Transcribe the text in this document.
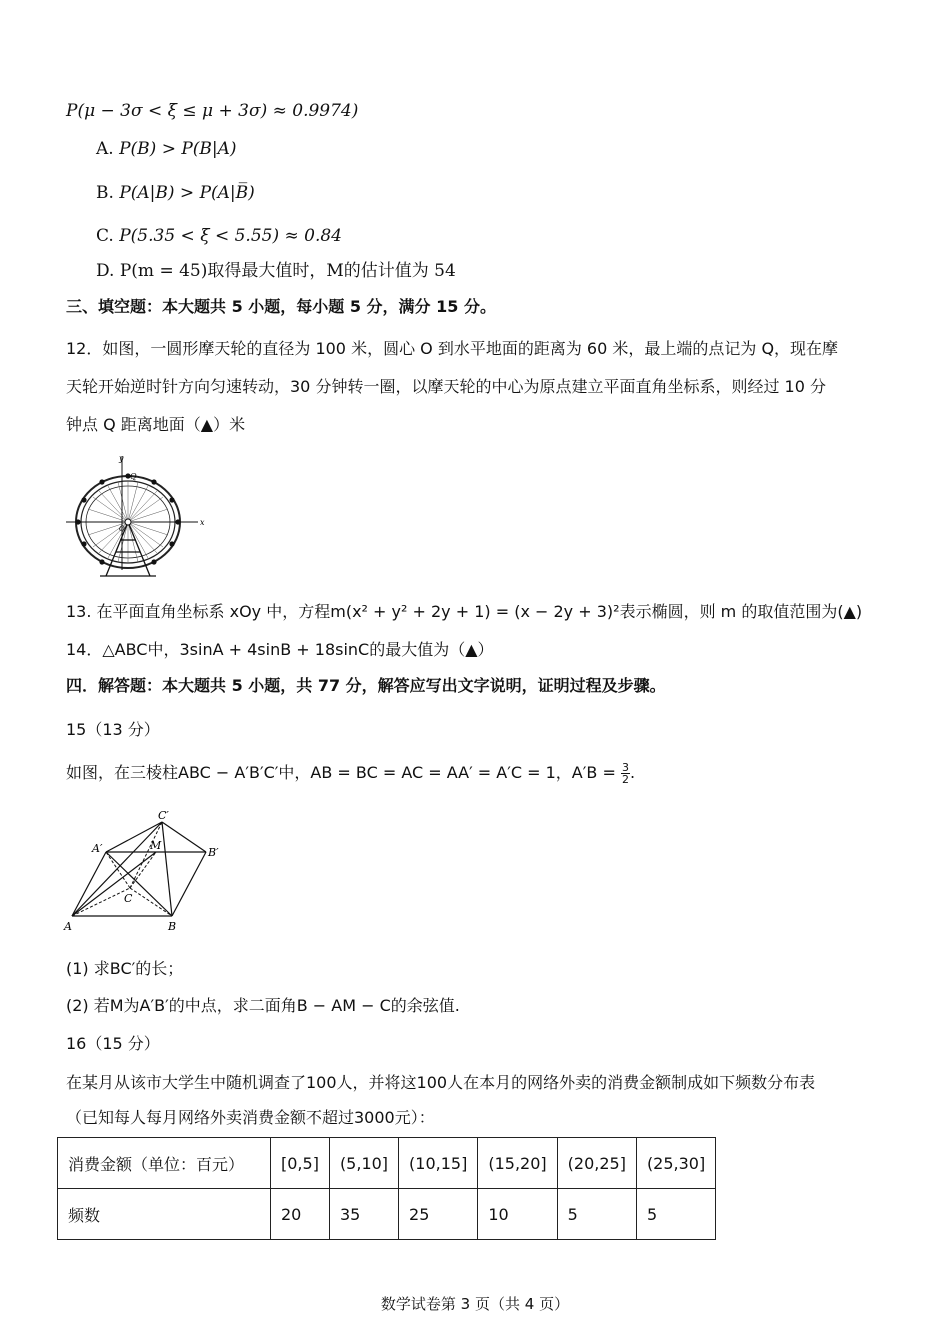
P(μ − 3σ < ξ ≤ μ + 3σ) ≈ 0.9974)
A. P(B) > P(B|A)
B. P(A|B) > P(A|B̅)
C. P(5.35 < ξ < 5.55) ≈ 0.84
D. P(m = 45)取得最大值时，M的估计值为 54
三、填空题：本大题共 5 小题，每小题 5 分，满分 15 分。
12．如图，一圆形摩天轮的直径为 100 米，圆心 O 到水平地面的距离为 60 米，最上端的点记为 Q，现在摩
天轮开始逆时针方向匀速转动，30 分钟转一圈，以摩天轮的中心为原点建立平面直角坐标系，则经过 10 分
钟点 Q 距离地面（▲）米
y
Q
O
x
13. 在平面直角坐标系 xOy 中，方程m(x² + y² + 2y + 1) = (x − 2y + 3)²表示椭圆，则 m 的取值范围为(▲)
14．△ABC中，3sinA + 4sinB + 18sinC的最大值为（▲）
四．解答题：本大题共 5 小题，共 77 分，解答应写出文字说明，证明过程及步骤。
15（13 分）
如图，在三棱柱ABC − A′B′C′中，AB = BC = AC = AA′ = A′C = 1，$A'B = \frac{3}{2}$ .
A	B
C
A′	B′
C′
M
(1) 求BC′的长；
(2) 若M为A′B′的中点，求二面角B − AM − C的余弦值.
16（15 分）
在某月从该市大学生中随机调查了100人，并将这100人在本月的网络外卖的消费金额制成如下频数分布表
（已知每人每月网络外卖消费金额不超过3000元）：
消费金额（单位：百元）	[0,5]	(5,10]	(10,15]	(15,20]	(20,25]	(25,30]
频数	20	35	25	10	5	5
数学试卷第 3 页（共 4 页）
